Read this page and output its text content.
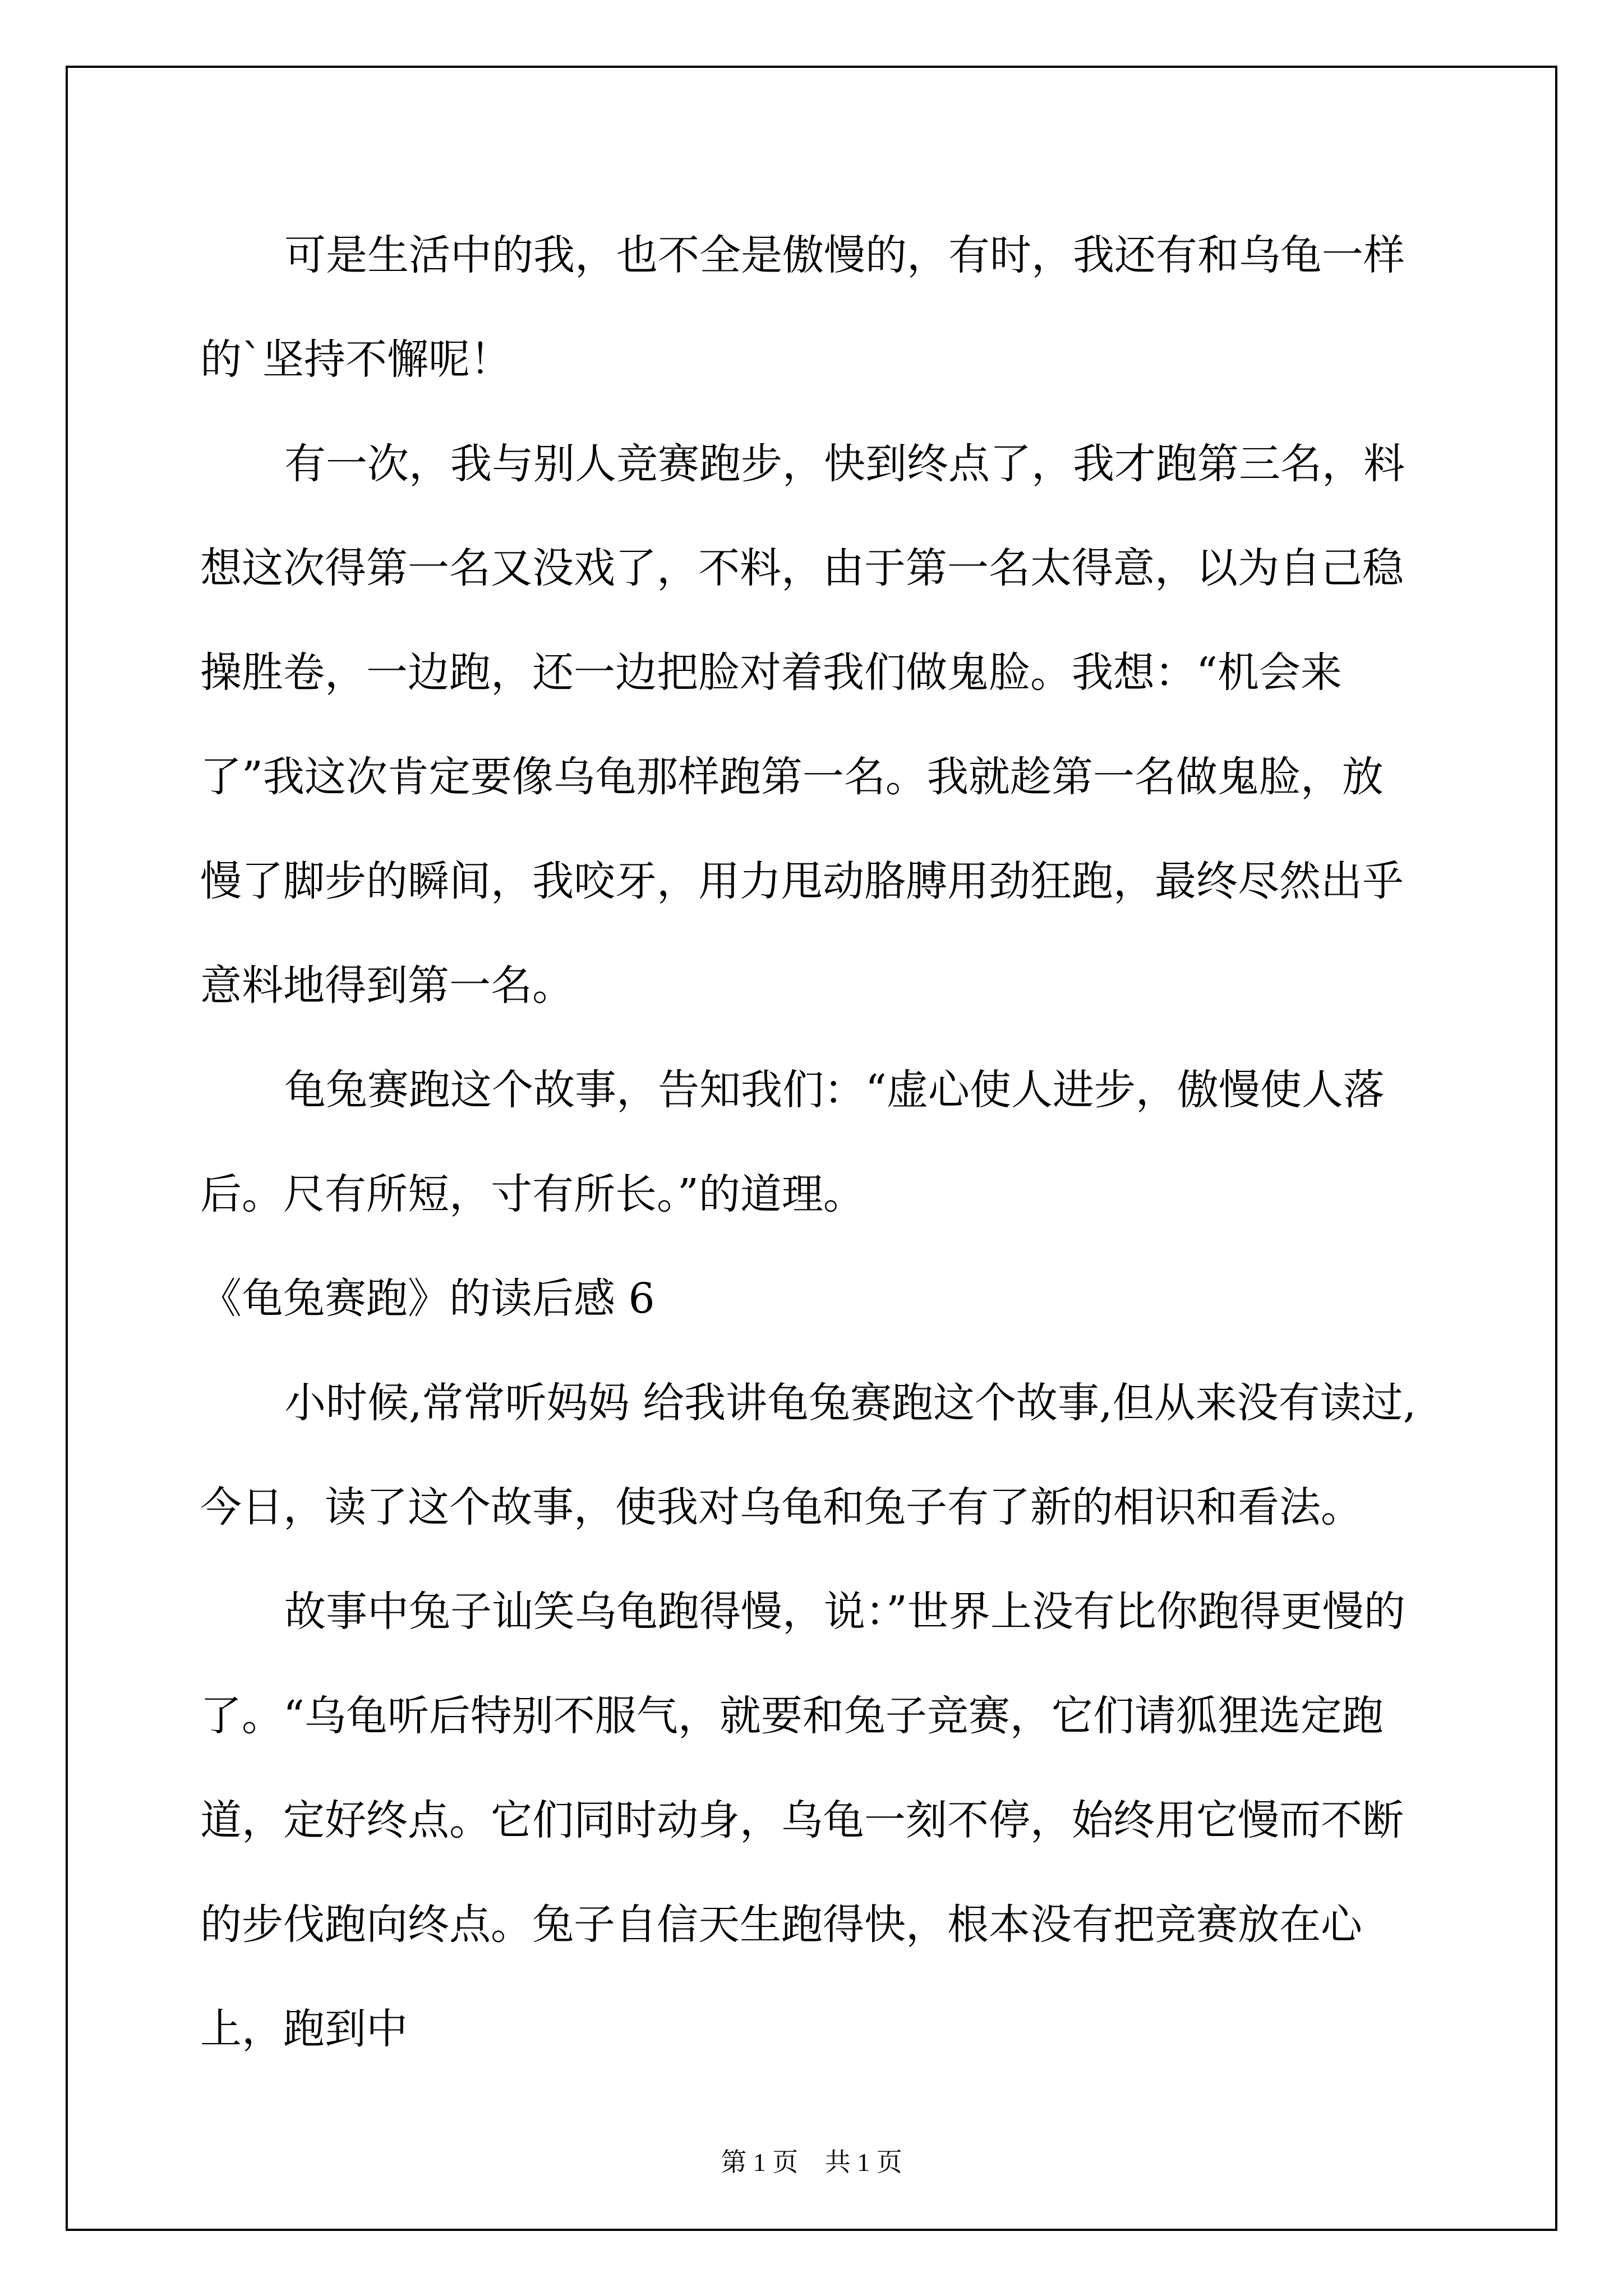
可是生活中的我，也不全是傲慢的，有时，我还有和乌龟一样的`坚持不懈呢！

有一次，我与别人竞赛跑步，快到终点了，我才跑第三名，料想这次得第一名又没戏了，不料，由于第一名太得意，以为自己稳操胜卷，一边跑，还一边把脸对着我们做鬼脸。我想：“机会来了”我这次肯定要像乌龟那样跑第一名。我就趁第一名做鬼脸，放慢了脚步的瞬间，我咬牙，用力甩动胳膊用劲狂跑，最终尽然出乎意料地得到第一名。

龟兔赛跑这个故事，告知我们：“虚心使人进步，傲慢使人落后。尺有所短，寸有所长。”的道理。

《龟兔赛跑》的读后感 6

小时候,常常听妈妈 给我讲龟兔赛跑这个故事,但从来没有读过,今日，读了这个故事，使我对乌龟和兔子有了新的相识和看法。

故事中兔子讪笑乌龟跑得慢，说：”世界上没有比你跑得更慢的了。“乌龟听后特别不服气，就要和兔子竞赛，它们请狐狸选定跑道，定好终点。它们同时动身，乌龟一刻不停，始终用它慢而不断的步伐跑向终点。兔子自信天生跑得快，根本没有把竞赛放在心上，跑到中

第 1 页 共 1 页
